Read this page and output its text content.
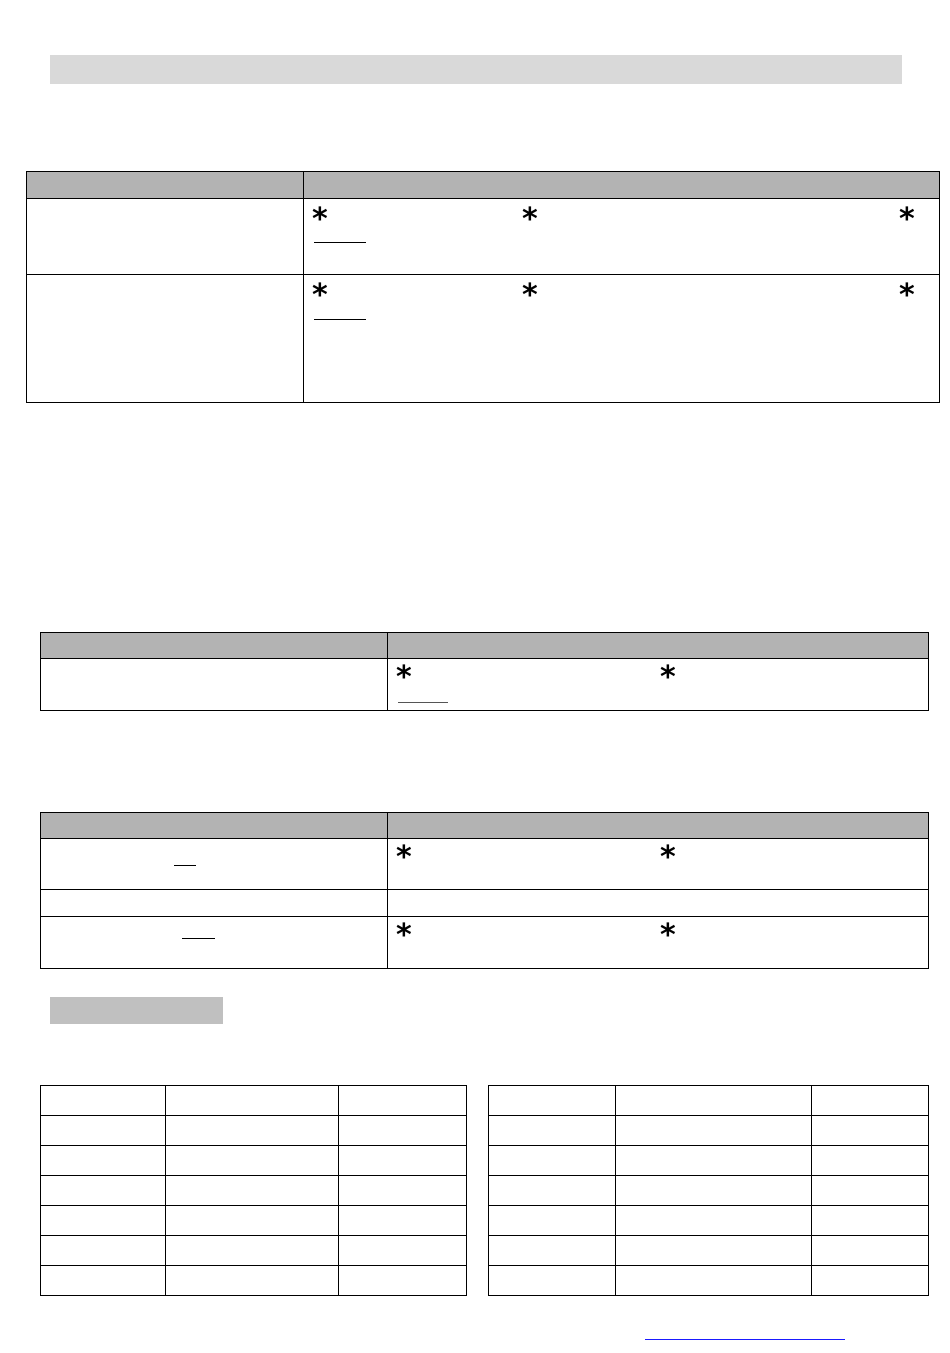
	* * *

	* * *

	* *

	* *

	* *
